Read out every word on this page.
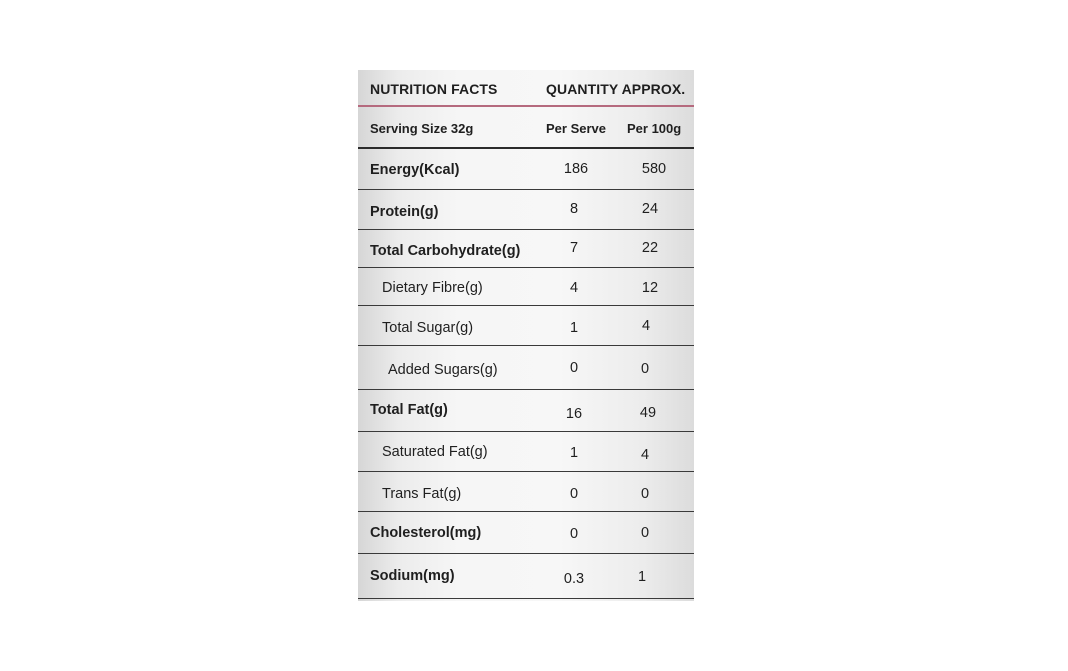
NUTRITION FACTS	QUANTITY APPROX.
Serving Size 32g	Per Serve Per 100g
Energy(Kcal)	186	580
Protein(g)	8	24
Total Carbohydrate(g)	7	22
Dietary Fibre(g)	4	12
Total Sugar(g)	1	4
Added Sugars(g)	0	0
Total Fat(g)	16	49
Saturated Fat(g)	1	4
Trans Fat(g)	0	0
Cholesterol(mg)	0	0
Sodium(mg)	0.3	1
